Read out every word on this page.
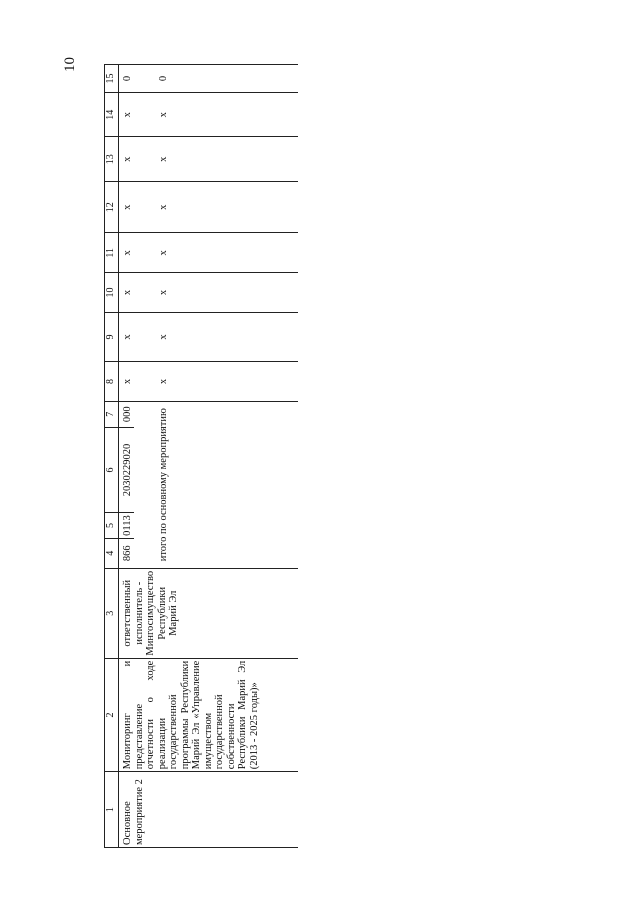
10
1	2	3	4	5	6	7	8	9	10	11	12	13	14	15
Основное мероприятие 2	Мониторинг и представление отчетности о ходе реализации государственной программы Республики Марий Эл «Управление имуществом государственной собственности Республики Марий Эл (2013 - 2025 годы)»	ответственный исполнитель - Мингосимущество Республики Марий Эл	866	0113	2030229020	000	x	x	x	x	x	x	x	0
			итого по основному мероприятию				x	x	x	x	x	x	x	0
